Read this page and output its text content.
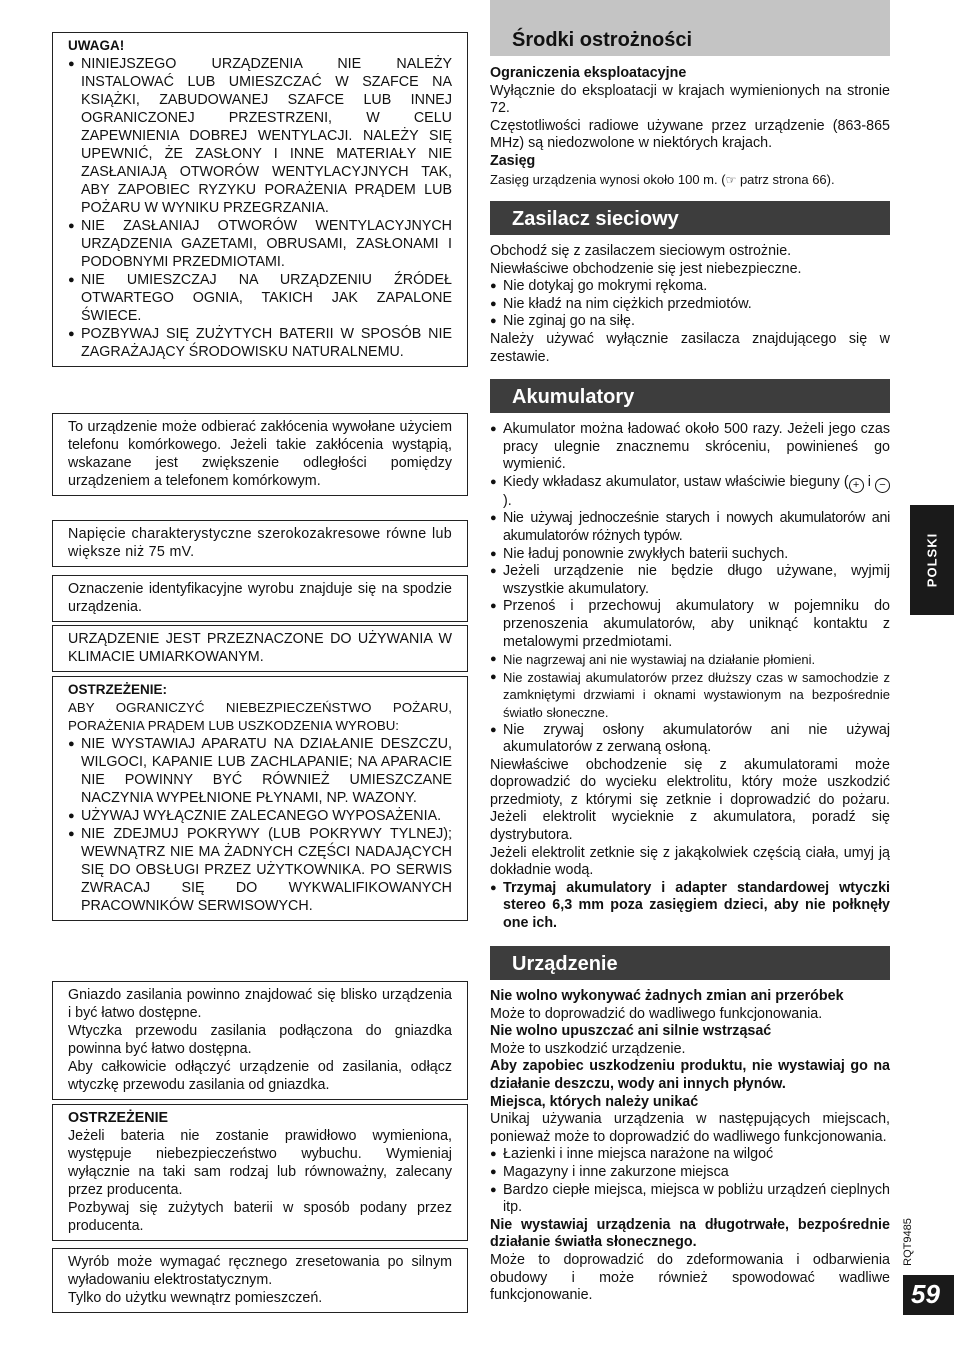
UWAGA!

● NINIEJSZEGO URZĄDZENIA NIE NALEŻY INSTALOWAĆ LUB UMIESZCZAĆ W SZAFCE NA KSIĄŻKI, ZABUDOWANEJ SZAFCE LUB INNEJ OGRANICZONEJ PRZESTRZENI, W CELU ZAPEWNIENIA DOBREJ WENTYLACJI. NALEŻY SIĘ UPEWNIĆ, ŻE ZASŁONY I INNE MATERIAŁY NIE ZASŁANIAJĄ OTWORÓW WENTYLACYJNYCH TAK, ABY ZAPOBIEC RYZYKU PORAŻENIA PRĄDEM LUB POŻARU W WYNIKU PRZEGRZANIA.

● NIE ZASŁANIAJ OTWORÓW WENTYLACYJNYCH URZĄDZENIA GAZETAMI, OBRUSAMI, ZASŁONAMI I PODOBNYMI PRZEDMIOTAMI.

● NIE UMIESZCZAJ NA URZĄDZENIU ŹRÓDEŁ OTWARTEGO OGNIA, TAKICH JAK ZAPALONE ŚWIECE.

● POZBYWAJ SIĘ ZUŻYTYCH BATERII W SPOSÓB NIE ZAGRAŻAJĄCY ŚRODOWISKU NATURALNEMU.

To urządzenie może odbierać zakłócenia wywołane użyciem telefonu komórkowego. Jeżeli takie zakłócenia wystąpią, wskazane jest zwiększenie odległości pomiędzy urządzeniem a telefonem komórkowym.

Napięcie charakterystyczne szerokozakresowe równe lub większe niż 75 mV.

Oznaczenie identyfikacyjne wyrobu znajduje się na spodzie urządzenia.

URZĄDZENIE JEST PRZEZNACZONE DO UŻYWANIA W KLIMACIE UMIARKOWANYM.

OSTRZEŻENIE:

ABY OGRANICZYĆ NIEBEZPIECZEŃSTWO POŻARU, PORAŻENIA PRĄDEM LUB USZKODZENIA WYROBU:

● NIE WYSTAWIAJ APARATU NA DZIAŁANIE DESZCZU, WILGOCI, KAPANIE LUB ZACHLAPANIE; NA APARACIE NIE POWINNY BYĆ RÓWNIEŻ UMIESZCZANE NACZYNIA WYPEŁNIONE PŁYNAMI, NP. WAZONY.

● UŻYWAJ WYŁĄCZNIE ZALECANEGO WYPOSAŻENIA.

● NIE ZDEJMUJ POKRYWY (LUB POKRYWY TYLNEJ); WEWNĄTRZ NIE MA ŻADNYCH CZĘŚCI NADAJĄCYCH SIĘ DO OBSŁUGI PRZEZ UŻYTKOWNIKA. PO SERWIS ZWRACAJ SIĘ DO WYKWALIFIKOWANYCH PRACOWNIKÓW SERWISOWYCH.

Gniazdo zasilania powinno znajdować się blisko urządzenia i być łatwo dostępne.

Wtyczka przewodu zasilania podłączona do gniazdka powinna być łatwo dostępna.

Aby całkowicie odłączyć urządzenie od zasilania, odłącz wtyczkę przewodu zasilania od gniazdka.

OSTRZEŻENIE

Jeżeli bateria nie zostanie prawidłowo wymieniona, występuje niebezpieczeństwo wybuchu. Wymieniaj wyłącznie na taki sam rodzaj lub równoważny, zalecany przez producenta.

Pozbywaj się zużytych baterii w sposób podany przez producenta.

Wyrób może wymagać ręcznego zresetowania po silnym wyładowaniu elektrostatycznym.

Tylko do użytku wewnątrz pomieszczeń.

Środki ostrożności

Ograniczenia eksploatacyjne

Wyłącznie do eksploatacji w krajach wymienionych na stronie 72.

Częstotliwości radiowe używane przez urządzenie (863-865 MHz) są niedozwolone w niektórych krajach.

Zasięg

Zasięg urządzenia wynosi około 100 m. (☞ patrz strona 66).

Zasilacz sieciowy

Obchodź się z zasilaczem sieciowym ostrożnie.

Niewłaściwe obchodzenie się jest niebezpieczne.

● Nie dotykaj go mokrymi rękoma.

● Nie kładź na nim ciężkich przedmiotów.

● Nie zginaj go na siłę.

Należy używać wyłącznie zasilacza znajdującego się w zestawie.

Akumulatory

● Akumulator można ładować około 500 razy. Jeżeli jego czas pracy ulegnie znacznemu skróceniu, powinieneś go wymienić.

● Kiedy wkładasz akumulator, ustaw właściwie bieguny ( + i −).

● Nie używaj jednocześnie starych i nowych akumulatorów ani akumulatorów różnych typów.

● Nie ładuj ponownie zwykłych baterii suchych.

● Jeżeli urządzenie nie będzie długo używane, wyjmij wszystkie akumulatory.

● Przenoś i przechowuj akumulatory w pojemniku do przenoszenia akumulatorów, aby uniknąć kontaktu z metalowymi przedmiotami.

● Nie nagrzewaj ani nie wystawiaj na działanie płomieni.

● Nie zostawiaj akumulatorów przez dłuższy czas w samochodzie z zamkniętymi drzwiami i oknami wystawionym na bezpośrednie światło słoneczne.

● Nie zrywaj osłony akumulatorów ani nie używaj akumulatorów z zerwaną osłoną.

Niewłaściwe obchodzenie się z akumulatorami może doprowadzić do wycieku elektrolitu, który może uszkodzić przedmioty, z którymi się zetknie i doprowadzić do pożaru. Jeżeli elektrolit wycieknie z akumulatora, poradź się dystrybutora.

Jeżeli elektrolit zetknie się z jakąkolwiek częścią ciała, umyj ją dokładnie wodą.

● Trzymaj akumulatory i adapter standardowej wtyczki stereo 6,3 mm poza zasięgiem dzieci, aby nie połknęły one ich.

Urządzenie

Nie wolno wykonywać żadnych zmian ani przeróbek

Może to doprowadzić do wadliwego funkcjonowania.

Nie wolno upuszczać ani silnie wstrząsać

Może to uszkodzić urządzenie.

Aby zapobiec uszkodzeniu produktu, nie wystawiaj go na działanie deszczu, wody ani innych płynów.

Miejsca, których należy unikać

Unikaj używania urządzenia w następujących miejscach, ponieważ może to doprowadzić do wadliwego funkcjonowania.

● Łazienki i inne miejsca narażone na wilgoć

● Magazyny i inne zakurzone miejsca

● Bardzo ciepłe miejsca, miejsca w pobliżu urządzeń cieplnych itp.

Nie wystawiaj urządzenia na długotrwałe, bezpośrednie działanie światła słonecznego.

Może to doprowadzić do zdeformowania i odbarwienia obudowy i może również spowodować wadliwe funkcjonowanie.

POLSKI
RQT9485
59
